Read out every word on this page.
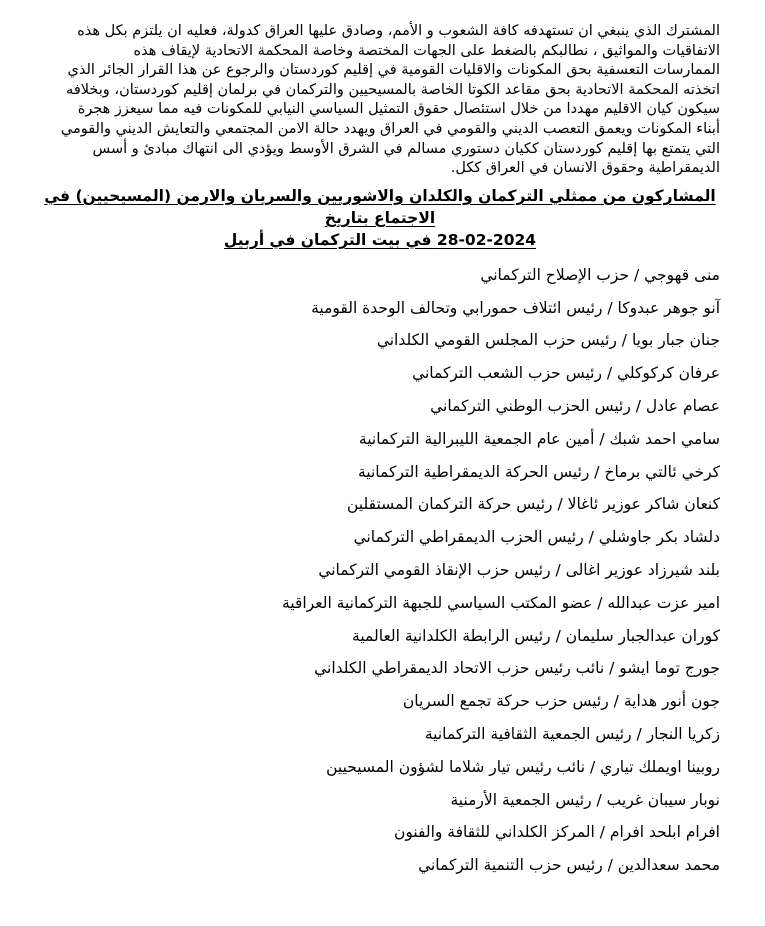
المشترك الذي ينبغي ان تستهدفه كافة الشعوب و الأمم، وصادق عليها العراق كدولة، فعليه ان يلتزم بكل هذه

الاتفاقيات والمواثيق ، نطالبكم بالضغط على الجهات المختصة وخاصة المحكمة الاتحادية لإيقاف هذه

الممارسات التعسفية بحق المكونات والاقليات القومية في إقليم كوردستان والرجوع عن هذا القرار الجائر الذي

اتخذته المحكمة الاتحادية بحق مقاعد الكوتا الخاصة بالمسيحيين والتركمان في برلمان إقليم كوردستان، وبخلافه

سيكون كيان الاقليم مهددا من خلال استئصال حقوق التمثيل السياسي النيابي للمكونات فيه مما سيعزز هجرة

أبناء المكونات ويعمق التعصب الديني والقومي في العراق ويهدد حالة الامن المجتمعي والتعايش الديني والقومي

التي يتمتع بها إقليم كوردستان ككيان دستوري مسالم في الشرق الأوسط ويؤدي الى انتهاك مبادئ و أسس

الديمقراطية وحقوق الانسان في العراق ككل.

المشاركون من ممثلي التركمان والكلدان والاشوريين والسريان والارمن (المسيحيين) في الاجتماع بتاريخ
28-02-2024 في بيت التركمان في أربيل
منى قهوجي / حزب الإصلاح التركماني
آنو جوهر عبدوكا / رئيس ائتلاف حمورابي وتحالف الوحدة القومية
جنان جبار بويا / رئيس حزب المجلس القومي الكلداني
عرفان كركوكلي / رئيس حزب الشعب التركماني
عصام عادل / رئيس الحزب الوطني التركماني
سامي احمد شبك / أمين عام الجمعية الليبرالية التركمانية
كرخي ئالتي برماخ / رئيس الحركة الديمقراطية التركمانية
كنعان شاكر عوزير ئاغالا / رئيس حركة التركمان المستقلين
دلشاد بكر جاوشلي / رئيس الحزب الديمقراطي التركماني
بلند شيرزاد عوزير اغالى / رئيس حزب الإنقاذ القومي التركماني
امير عزت عبدالله / عضو المكتب السياسي للجبهة التركمانية العراقية
كوران عبدالجبار سليمان / رئيس الرابطة الكلدانية العالمية
جورج توما ايشو / نائب رئيس حزب الاتحاد الديمقراطي الكلداني
جون أنور هداية / رئيس حزب حركة تجمع السريان
زكريا النجار / رئيس الجمعية الثقافية التركمانية
روبينا اويملك تياري / نائب رئيس تيار شلاما لشؤون المسيحيين
نوبار سيبان غريب / رئيس الجمعية الأرمنية
افرام ابلحد افرام / المركز الكلداني للثقافة والفنون
محمد سعدالدين / رئيس حزب التنمية التركماني
